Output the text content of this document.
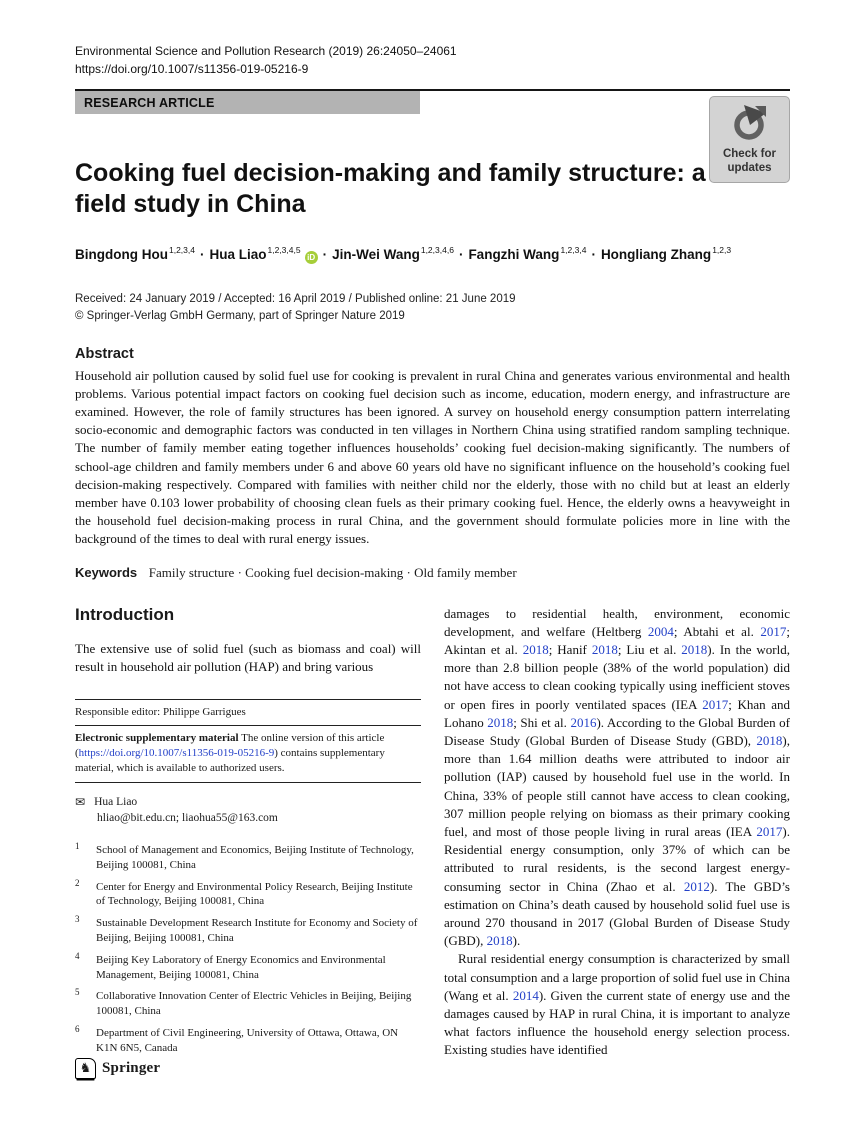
Environmental Science and Pollution Research (2019) 26:24050–24061
https://doi.org/10.1007/s11356-019-05216-9
RESEARCH ARTICLE
Check for
updates
Cooking fuel decision-making and family structure: a field study in China
Bingdong Hou$^{1,2,3,4}$ · Hua Liao$^{1,2,3,4,5}$iD · Jin-Wei Wang$^{1,2,3,4,6}$ · Fangzhi Wang$^{1,2,3,4}$ · Hongliang Zhang$^{1,2,3}$
Received: 24 January 2019 / Accepted: 16 April 2019 / Published online: 21 June 2019
© Springer-Verlag GmbH Germany, part of Springer Nature 2019
Abstract

Household air pollution caused by solid fuel use for cooking is prevalent in rural China and generates various environmental and health problems. Various potential impact factors on cooking fuel decision such as income, education, modern energy, and infrastructure are examined. However, the role of family structures has been ignored. A survey on household energy consumption pattern interrelating socio-economic and demographic factors was conducted in ten villages in Northern China using stratified random sampling technique. The number of family member eating together influences households’ cooking fuel decision-making significantly. The numbers of school-age children and family members under 6 and above 60 years old have no significant influence on the household’s cooking fuel decision-making respectively. Compared with families with neither child nor the elderly, those with no child but at least an elderly member have 0.103 lower probability of choosing clean fuels as their primary cooking fuel. Hence, the elderly owns a heavyweight in the household fuel decision-making process in rural China, and the government should formulate policies more in line with the background of the times to deal with rural energy issues.

Keywords Family structure · Cooking fuel decision-making · Old family member
Introduction

The extensive use of solid fuel (such as biomass and coal) will result in household air pollution (HAP) and bring various

Responsible editor: Philippe Garrigues

Electronic supplementary material The online version of this article (https://doi.org/10.1007/s11356-019-05216-9) contains supplementary material, which is available to authorized users.

✉ Hua Liao
hliao@bit.edu.cn; liaohua55@163.com
1	School of Management and Economics, Beijing Institute of Technology, Beijing 100081, China
2	Center for Energy and Environmental Policy Research, Beijing Institute of Technology, Beijing 100081, China
3	Sustainable Development Research Institute for Economy and Society of Beijing, Beijing 100081, China
4	Beijing Key Laboratory of Energy Economics and Environmental Management, Beijing 100081, China
5	Collaborative Innovation Center of Electric Vehicles in Beijing, Beijing 100081, China
6	Department of Civil Engineering, University of Ottawa, Ottawa, ON K1N 6N5, Canada

damages to residential health, environment, economic development, and welfare (Heltberg 2004; Abtahi et al. 2017; Akintan et al. 2018; Hanif 2018; Liu et al. 2018). In the world, more than 2.8 billion people (38% of the world population) did not have access to clean cooking typically using inefficient stoves or open fires in poorly ventilated spaces (IEA 2017; Khan and Lohano 2018; Shi et al. 2016). According to the Global Burden of Disease Study (Global Burden of Disease Study (GBD), 2018), more than 1.64 million deaths were attributed to indoor air pollution (IAP) caused by household fuel use in the world. In China, 33% of people still cannot have access to clean cooking, 307 million people relying on biomass as their primary cooking fuel, and most of those people living in rural areas (IEA 2017). Residential energy consumption, only 37% of which can be attributed to rural residents, is the second largest energy-consuming sector in China (Zhao et al. 2012). The GBD’s estimation on China’s death caused by household solid fuel use is around 270 thousand in 2017 (Global Burden of Disease Study (GBD), 2018).

Rural residential energy consumption is characterized by small total consumption and a large proportion of solid fuel use in China (Wang et al. 2014). Given the current state of energy use and the damages caused by HAP in rural China, it is important to analyze what factors influence the household energy selection process. Existing studies have identified

♞ Springer
